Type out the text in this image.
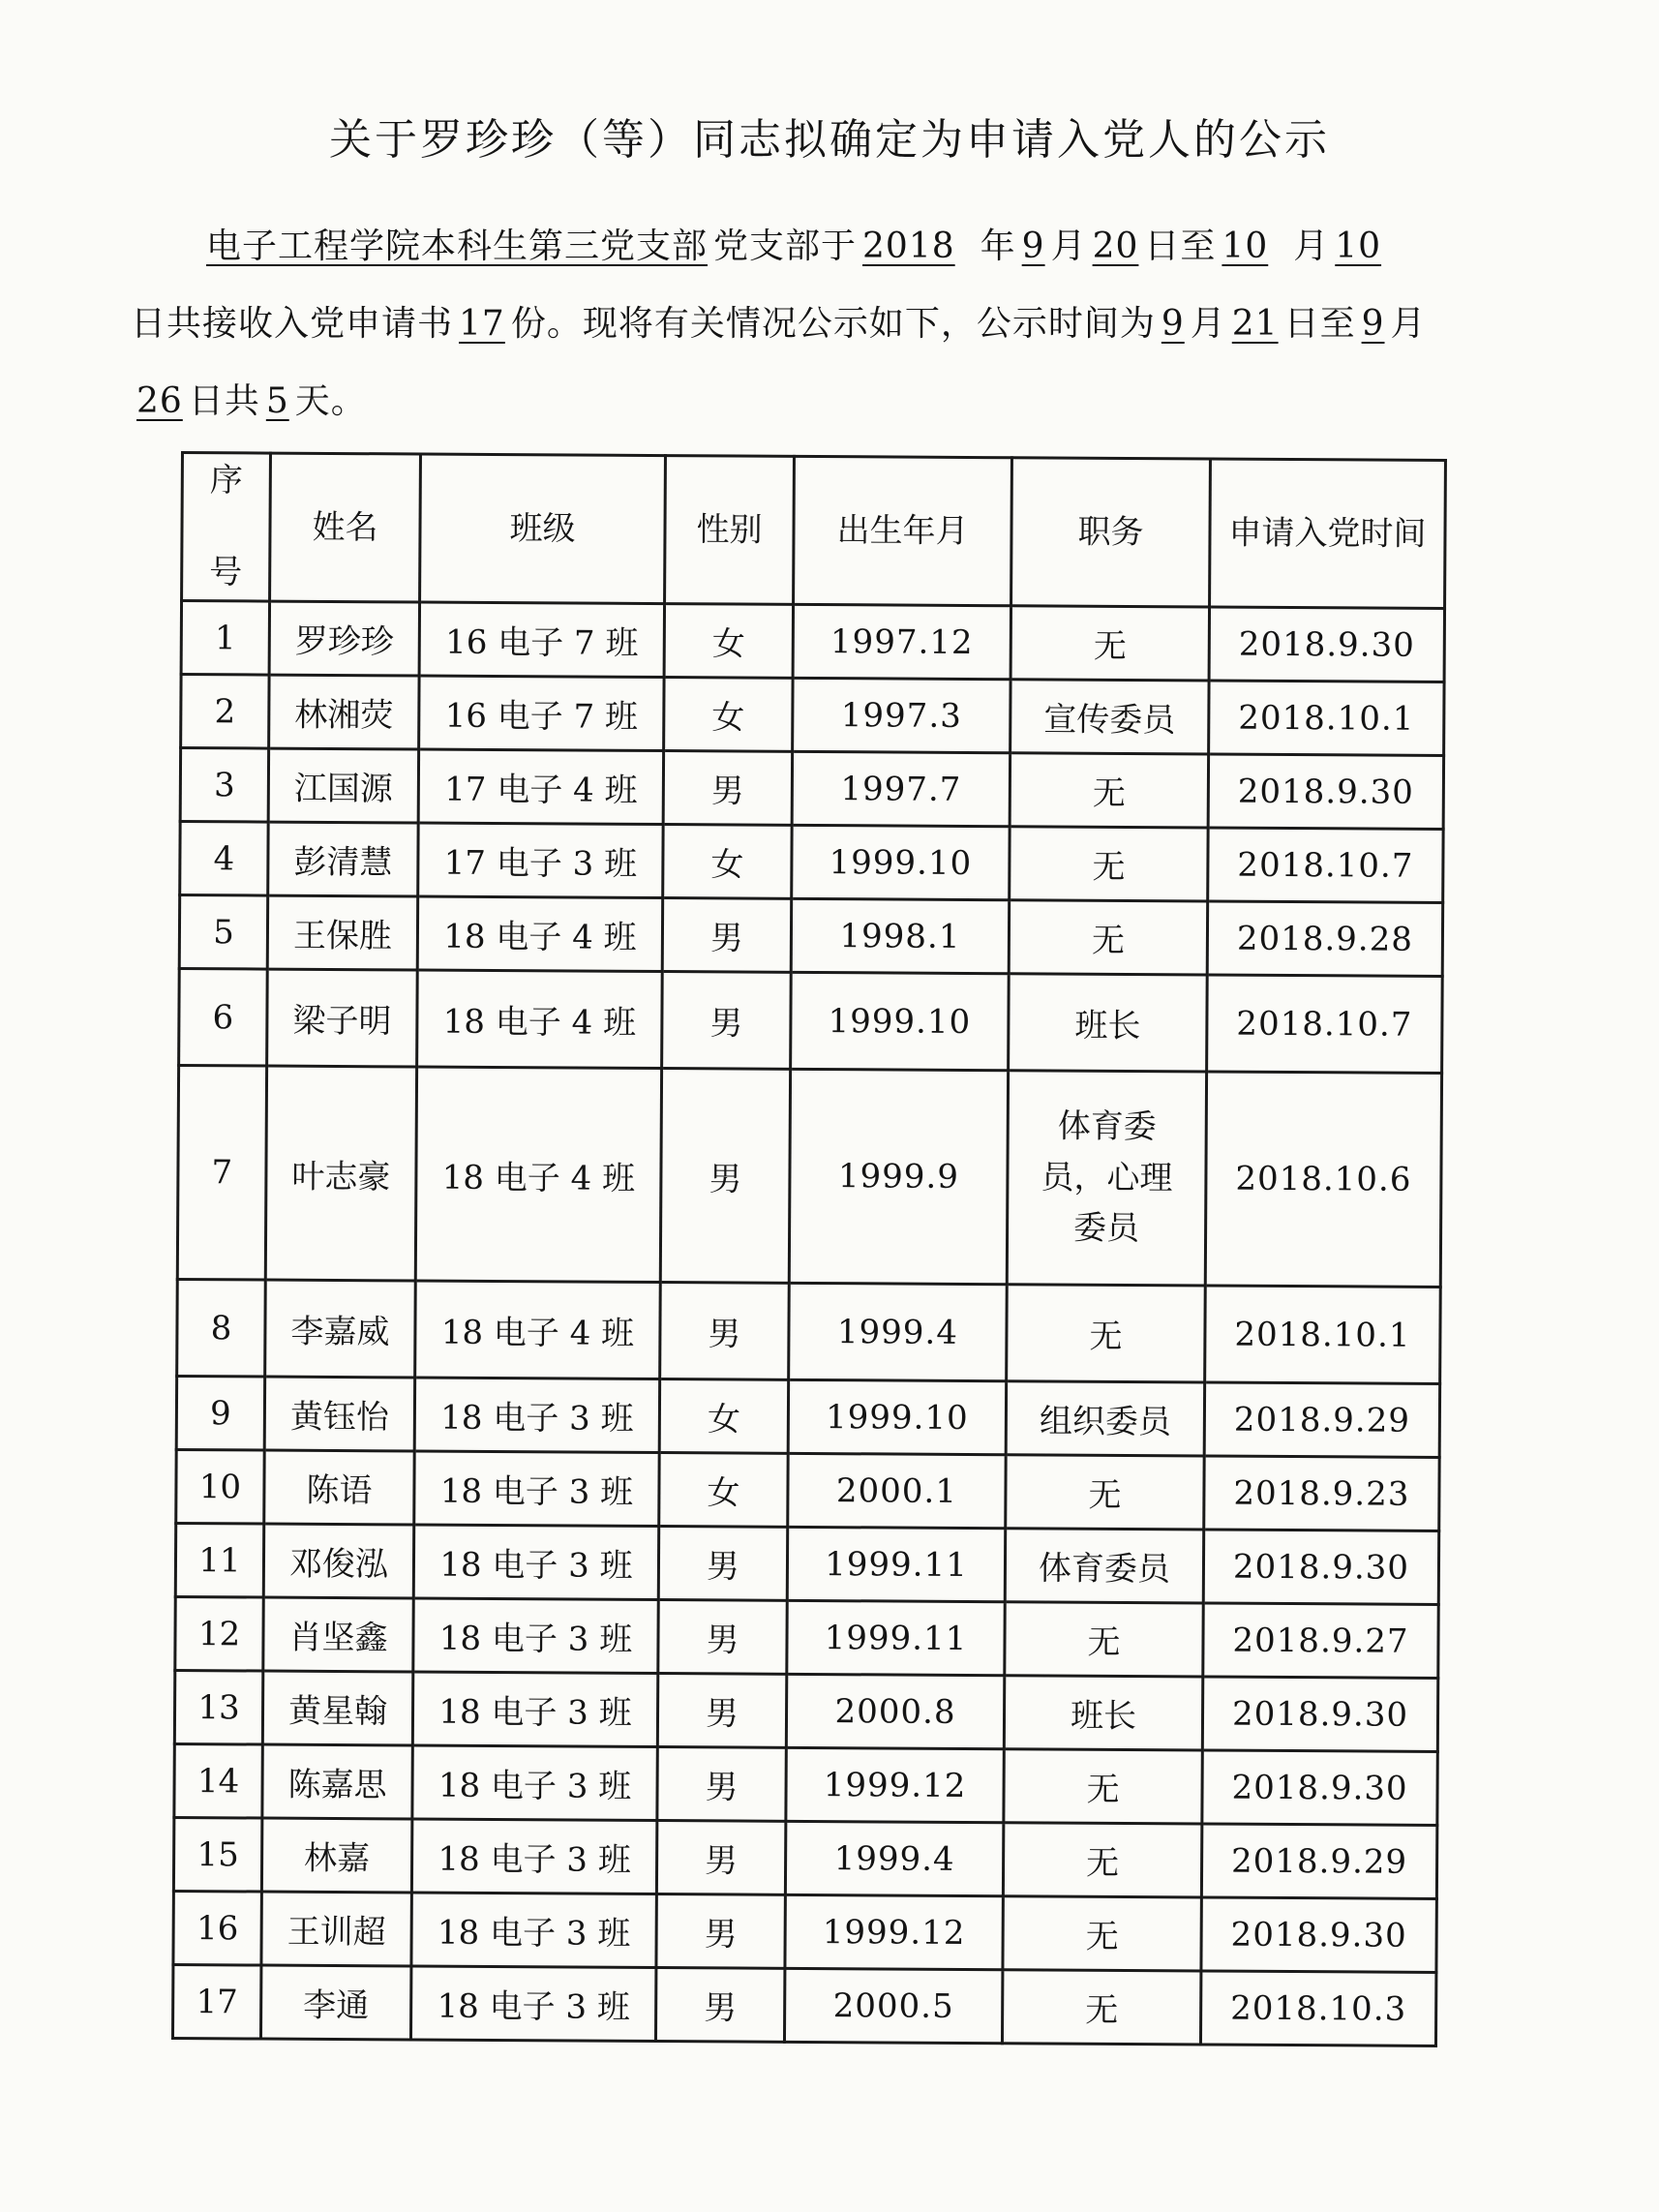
关于罗珍珍（等）同志拟确定为申请入党人的公示
电子工程学院本科生第三党支部 党支部于 2018 年 9 月 20 日至 10 月 10
日共接收入党申请书 17 份。现将有关情况公示如下，公示时间为 9 月 21 日至 9 月
26 日共 5 天。
序

号	姓名	班级	性别	出生年月	职务	申请入党时间
1	罗珍珍	16 电子 7 班	女	1997.12	无	2018.9.30
2	林湘荧	16 电子 7 班	女	1997.3	宣传委员	2018.10.1
3	江国源	17 电子 4 班	男	1997.7	无	2018.9.30
4	彭清慧	17 电子 3 班	女	1999.10	无	2018.10.7
5	王保胜	18 电子 4 班	男	1998.1	无	2018.9.28
6	梁子明	18 电子 4 班	男	1999.10	班长	2018.10.7
7	叶志豪	18 电子 4 班	男	1999.9	体育委
员，心理
委员	2018.10.6
8	李嘉威	18 电子 4 班	男	1999.4	无	2018.10.1
9	黄钰怡	18 电子 3 班	女	1999.10	组织委员	2018.9.29
10	陈语	18 电子 3 班	女	2000.1	无	2018.9.23
11	邓俊泓	18 电子 3 班	男	1999.11	体育委员	2018.9.30
12	肖坚鑫	18 电子 3 班	男	1999.11	无	2018.9.27
13	黄星翰	18 电子 3 班	男	2000.8	班长	2018.9.30
14	陈嘉思	18 电子 3 班	男	1999.12	无	2018.9.30
15	林嘉	18 电子 3 班	男	1999.4	无	2018.9.29
16	王训超	18 电子 3 班	男	1999.12	无	2018.9.30
17	李通	18 电子 3 班	男	2000.5	无	2018.10.3
